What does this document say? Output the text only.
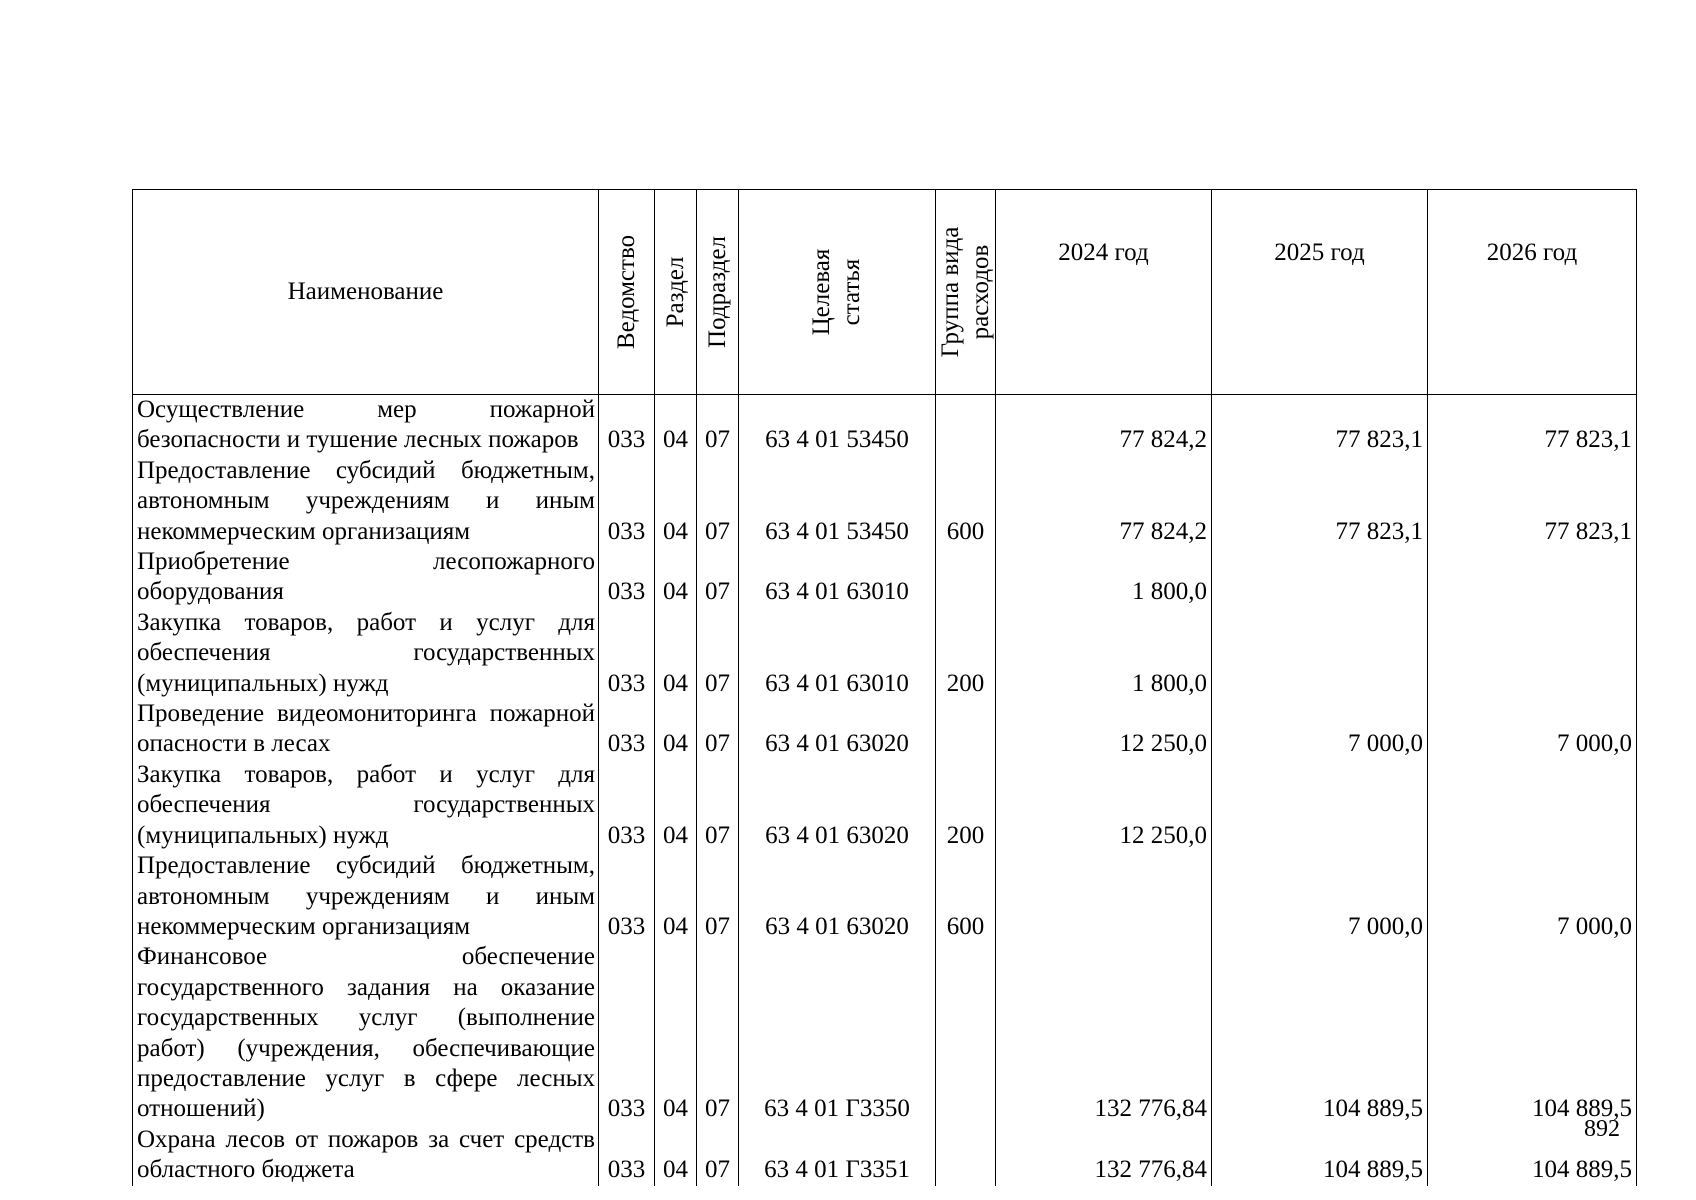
Наименование	Ведомство	Раздел	Подраздел	Целевая статья	Группа вида расходов	2024 год	2025 год	2026 год
Осуществление мер пожарной безопасности и тушение лесных пожаров	033	04	07	63 4 01 53450		77 824,2	77 823,1	77 823,1
Предоставление субсидий бюджетным, автономным учреждениям и иным некоммерческим организациям	033	04	07	63 4 01 53450	600	77 824,2	77 823,1	77 823,1
Приобретение лесопожарного оборудования	033	04	07	63 4 01 63010		1 800,0		
Закупка товаров, работ и услуг для обеспечения государственных (муниципальных) нужд	033	04	07	63 4 01 63010	200	1 800,0		
Проведение видеомониторинга пожарной опасности в лесах	033	04	07	63 4 01 63020		12 250,0	7 000,0	7 000,0
Закупка товаров, работ и услуг для обеспечения государственных (муниципальных) нужд	033	04	07	63 4 01 63020	200	12 250,0		
Предоставление субсидий бюджетным, автономным учреждениям и иным некоммерческим организациям	033	04	07	63 4 01 63020	600		7 000,0	7 000,0
Финансовое обеспечение государственного задания на оказание государственных услуг (выполнение работ) (учреждения, обеспечивающие предоставление услуг в сфере лесных отношений)	033	04	07	63 4 01 Г3350		132 776,84	104 889,5	104 889,5
Охрана лесов от пожаров за счет средств областного бюджета	033	04	07	63 4 01 Г3351		132 776,84	104 889,5	104 889,5
892
